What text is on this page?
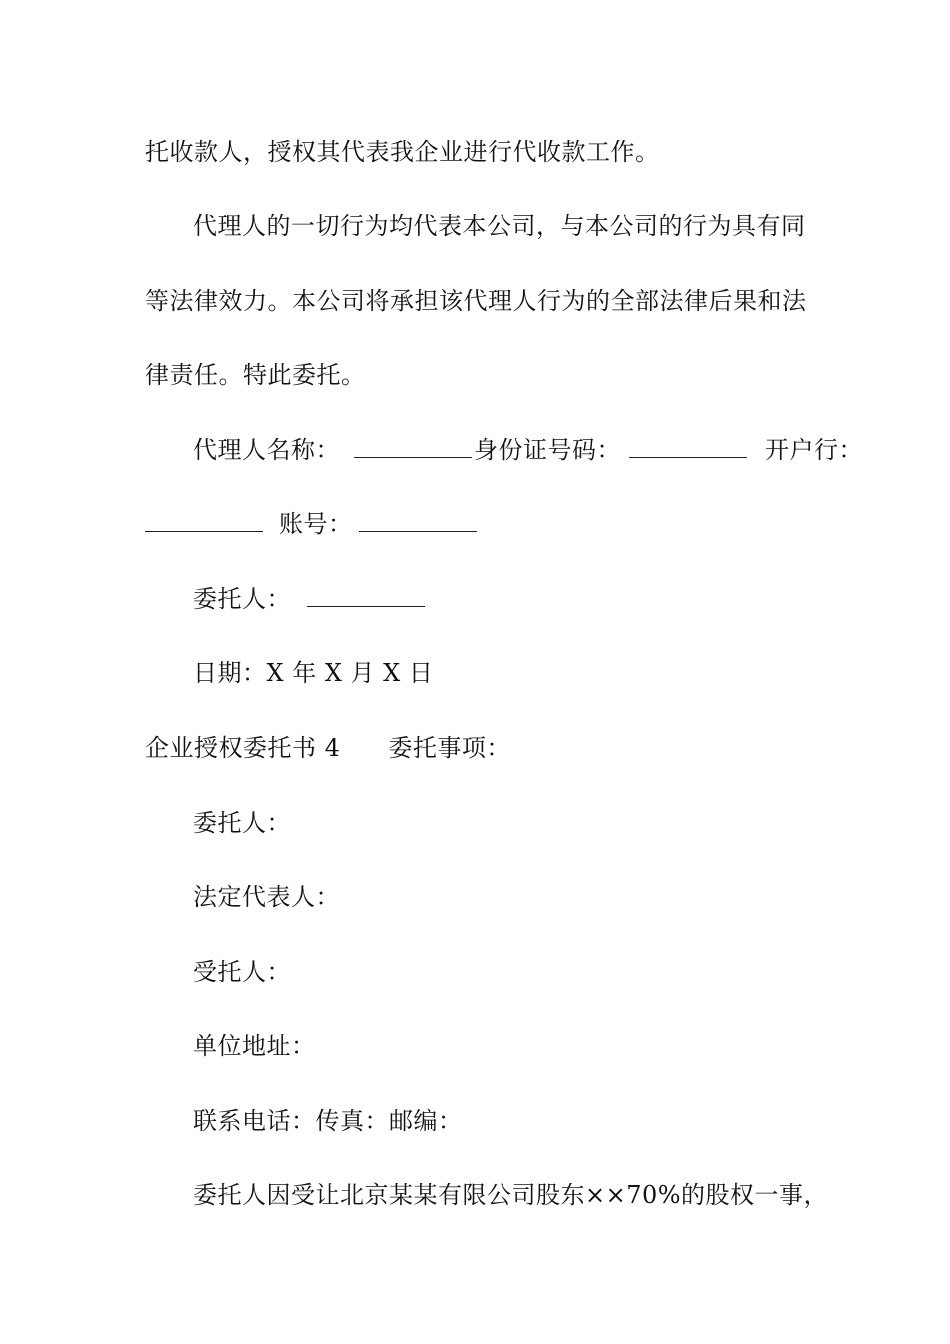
托收款人，授权其代表我企业进行代收款工作。
代理人的一切行为均代表本公司，与本公司的行为具有同
等法律效力。本公司将承担该代理人行为的全部法律后果和法
律责任。特此委托。
代理人名称：	身份证号码：	开户行：
账号：
委托人：
日期：X 年 X 月 X 日
企业授权委托书 4 委托事项：
委托人：
法定代表人：
受托人：
单位地址：
联系电话：传真：邮编：
委托人因受让北京某某有限公司股东××70%的股权一事，
